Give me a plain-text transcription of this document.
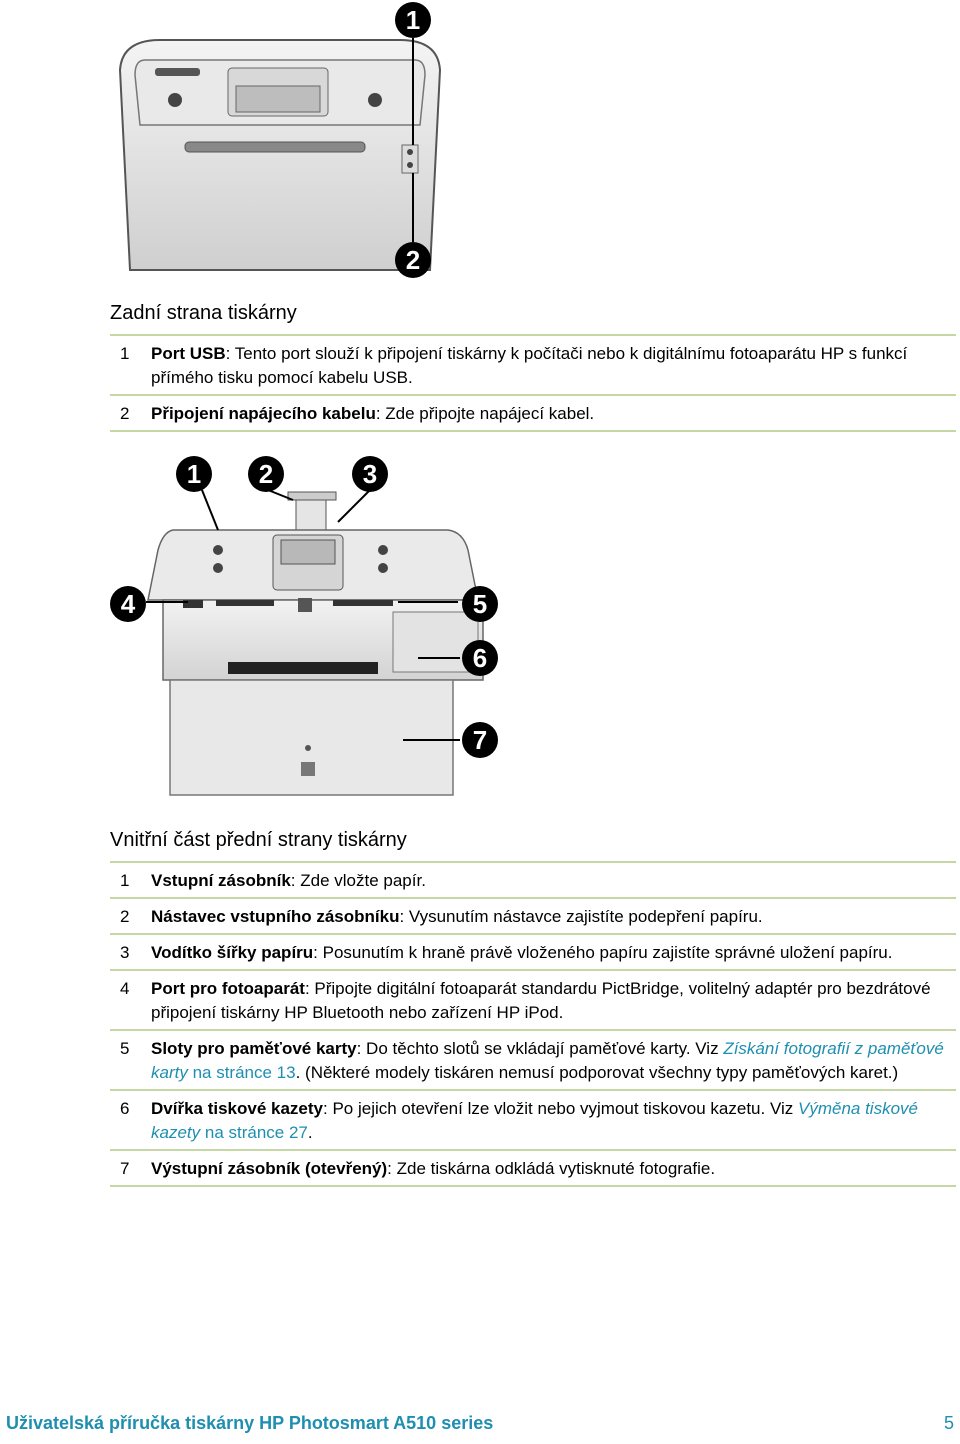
1
2
Zadní strana tiskárny
1 Port USB: Tento port slouží k připojení tiskárny k počítači nebo k digitálnímu fotoaparátu HP s funkcí přímého tisku pomocí kabelu USB.
2 Připojení napájecího kabelu: Zde připojte napájecí kabel.
1 2	3
4	5
6
7
Vnitřní část přední strany tiskárny
1 Vstupní zásobník: Zde vložte papír.
2 Nástavec vstupního zásobníku: Vysunutím nástavce zajistíte podepření papíru.
3 Vodítko šířky papíru: Posunutím k hraně právě vloženého papíru zajistíte správné uložení papíru.
4 Port pro fotoaparát: Připojte digitální fotoaparát standardu PictBridge, volitelný adaptér pro bezdrátové připojení tiskárny HP Bluetooth nebo zařízení HP iPod.
5 Sloty pro paměťové karty: Do těchto slotů se vkládají paměťové karty. Viz Získání fotografií z paměťové karty na stránce 13. (Některé modely tiskáren nemusí podporovat všechny typy paměťových karet.)
6 Dvířka tiskové kazety: Po jejich otevření lze vložit nebo vyjmout tiskovou kazetu. Viz Výměna tiskové kazety na stránce 27.
7 Výstupní zásobník (otevřený): Zde tiskárna odkládá vytisknuté fotografie.
Uživatelská příručka tiskárny HP Photosmart A510 series	5
